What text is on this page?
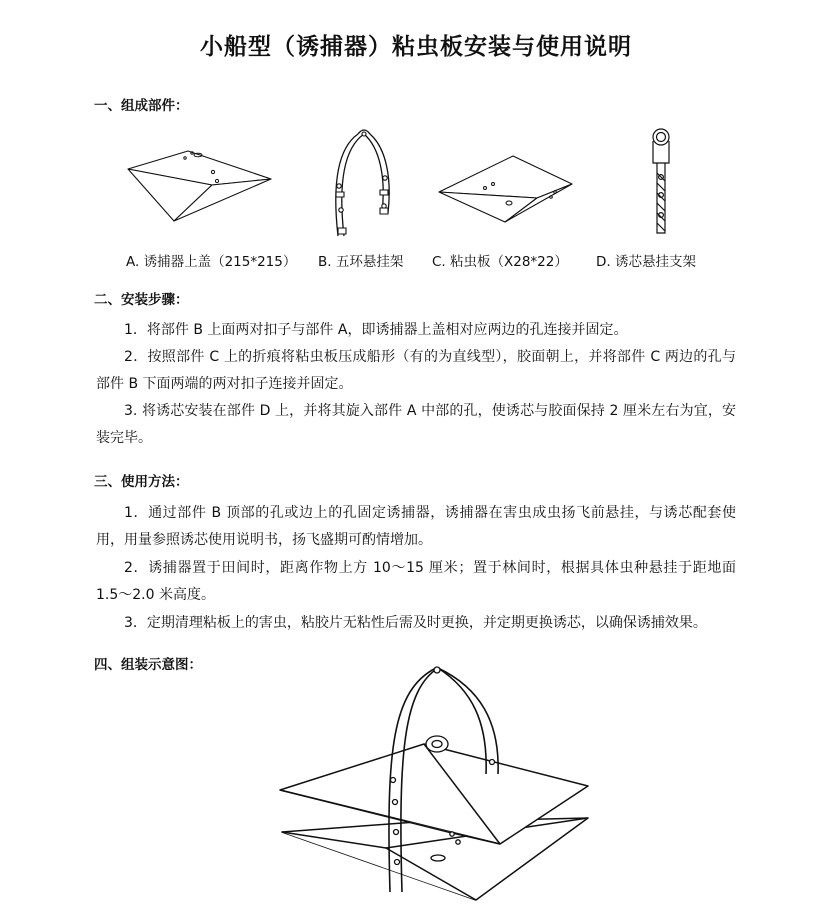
小船型（诱捕器）粘虫板安装与使用说明
一、组成部件：
A. 诱捕器上盖（215*215） B. 五环悬挂架 C. 粘虫板（X28*22） D. 诱芯悬挂支架
二、安装步骤：
1．将部件 B 上面两对扣子与部件 A，即诱捕器上盖相对应两边的孔连接并固定。
2．按照部件 C 上的折痕将粘虫板压成船形（有的为直线型），胶面朝上，并将部件 C 两边的孔与部件 B 下面两端的两对扣子连接并固定。
3. 将诱芯安装在部件 D 上，并将其旋入部件 A 中部的孔，使诱芯与胶面保持 2 厘米左右为宜，安装完毕。
三、使用方法：
1．通过部件 B 顶部的孔或边上的孔固定诱捕器，诱捕器在害虫成虫扬飞前悬挂，与诱芯配套使用，用量参照诱芯使用说明书，扬飞盛期可酌情增加。
2．诱捕器置于田间时，距离作物上方 10～15 厘米；置于林间时，根据具体虫种悬挂于距地面 1.5～2.0 米高度。
3．定期清理粘板上的害虫，粘胶片无粘性后需及时更换，并定期更换诱芯，以确保诱捕效果。
四、组装示意图：
